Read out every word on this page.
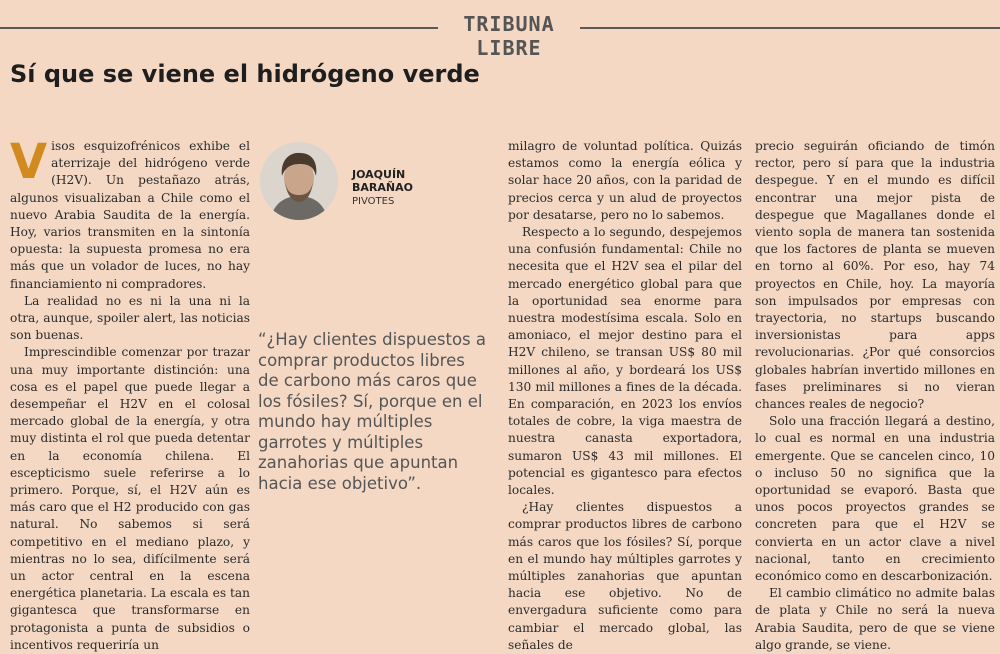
TRIBUNA LIBRE
Sí que se viene el hidrógeno verde
V isos esquizofrénicos exhibe el aterrizaje del hidrógeno verde (H2V). Un pestañazo atrás, algunos visualizaban a Chile como el nuevo Arabia Saudita de la energía. Hoy, varios transmiten en la sintonía opuesta: la supuesta promesa no era más que un volador de luces, no hay financiamiento ni compradores.

La realidad no es ni la una ni la otra, aunque, spoiler alert, las noticias son buenas.

Imprescindible comenzar por trazar una muy importante distinción: una cosa es el papel que puede llegar a desempeñar el H2V en el colosal mercado global de la energía, y otra muy distinta el rol que pueda detentar en la economía chilena. El escepticismo suele referirse a lo primero. Porque, sí, el H2V aún es más caro que el H2 producido con gas natural. No sabemos si será competitivo en el mediano plazo, y mientras no lo sea, difícilmente será un actor central en la escena energética planetaria. La escala es tan gigantesca que transformarse en protagonista a punta de subsidios o incentivos requeriría un

JOAQUÍN
BARAÑAO
PIVOTES

“¿Hay clientes dispuestos a comprar productos libres de carbono más caros que los fósiles? Sí, porque en el mundo hay múltiples garrotes y múltiples zanahorias que apuntan hacia ese objetivo”.

milagro de voluntad política. Quizás estamos como la energía eólica y solar hace 20 años, con la paridad de precios cerca y un alud de proyectos por desatarse, pero no lo sabemos.

Respecto a lo segundo, despejemos una confusión fundamental: Chile no necesita que el H2V sea el pilar del mercado energético global para que la oportunidad sea enorme para nuestra modestísima escala. Solo en amoniaco, el mejor destino para el H2V chileno, se transan US$ 80 mil millones al año, y bordeará los US$ 130 mil millones a fines de la década. En comparación, en 2023 los envíos totales de cobre, la viga maestra de nuestra canasta exportadora, sumaron US$ 43 mil millones. El potencial es gigantesco para efectos locales.

¿Hay clientes dispuestos a comprar productos libres de carbono más caros que los fósiles? Sí, porque en el mundo hay múltiples garrotes y múltiples zanahorias que apuntan hacia ese objetivo. No de envergadura suficiente como para cambiar el mercado global, las señales de

precio seguirán oficiando de timón rector, pero sí para que la industria despegue. Y en el mundo es difícil encontrar una mejor pista de despegue que Magallanes donde el viento sopla de manera tan sostenida que los factores de planta se mueven en torno al 60%. Por eso, hay 74 proyectos en Chile, hoy. La mayoría son impulsados por empresas con trayectoria, no startups buscando inversionistas para apps revolucionarias. ¿Por qué consorcios globales habrían invertido millones en fases preliminares si no vieran chances reales de negocio?

Solo una fracción llegará a destino, lo cual es normal en una industria emergente. Que se cancelen cinco, 10 o incluso 50 no significa que la oportunidad se evaporó. Basta que unos pocos proyectos grandes se concreten para que el H2V se convierta en un actor clave a nivel nacional, tanto en crecimiento económico como en descarbonización.

El cambio climático no admite balas de plata y Chile no será la nueva Arabia Saudita, pero de que se viene algo grande, se viene.
